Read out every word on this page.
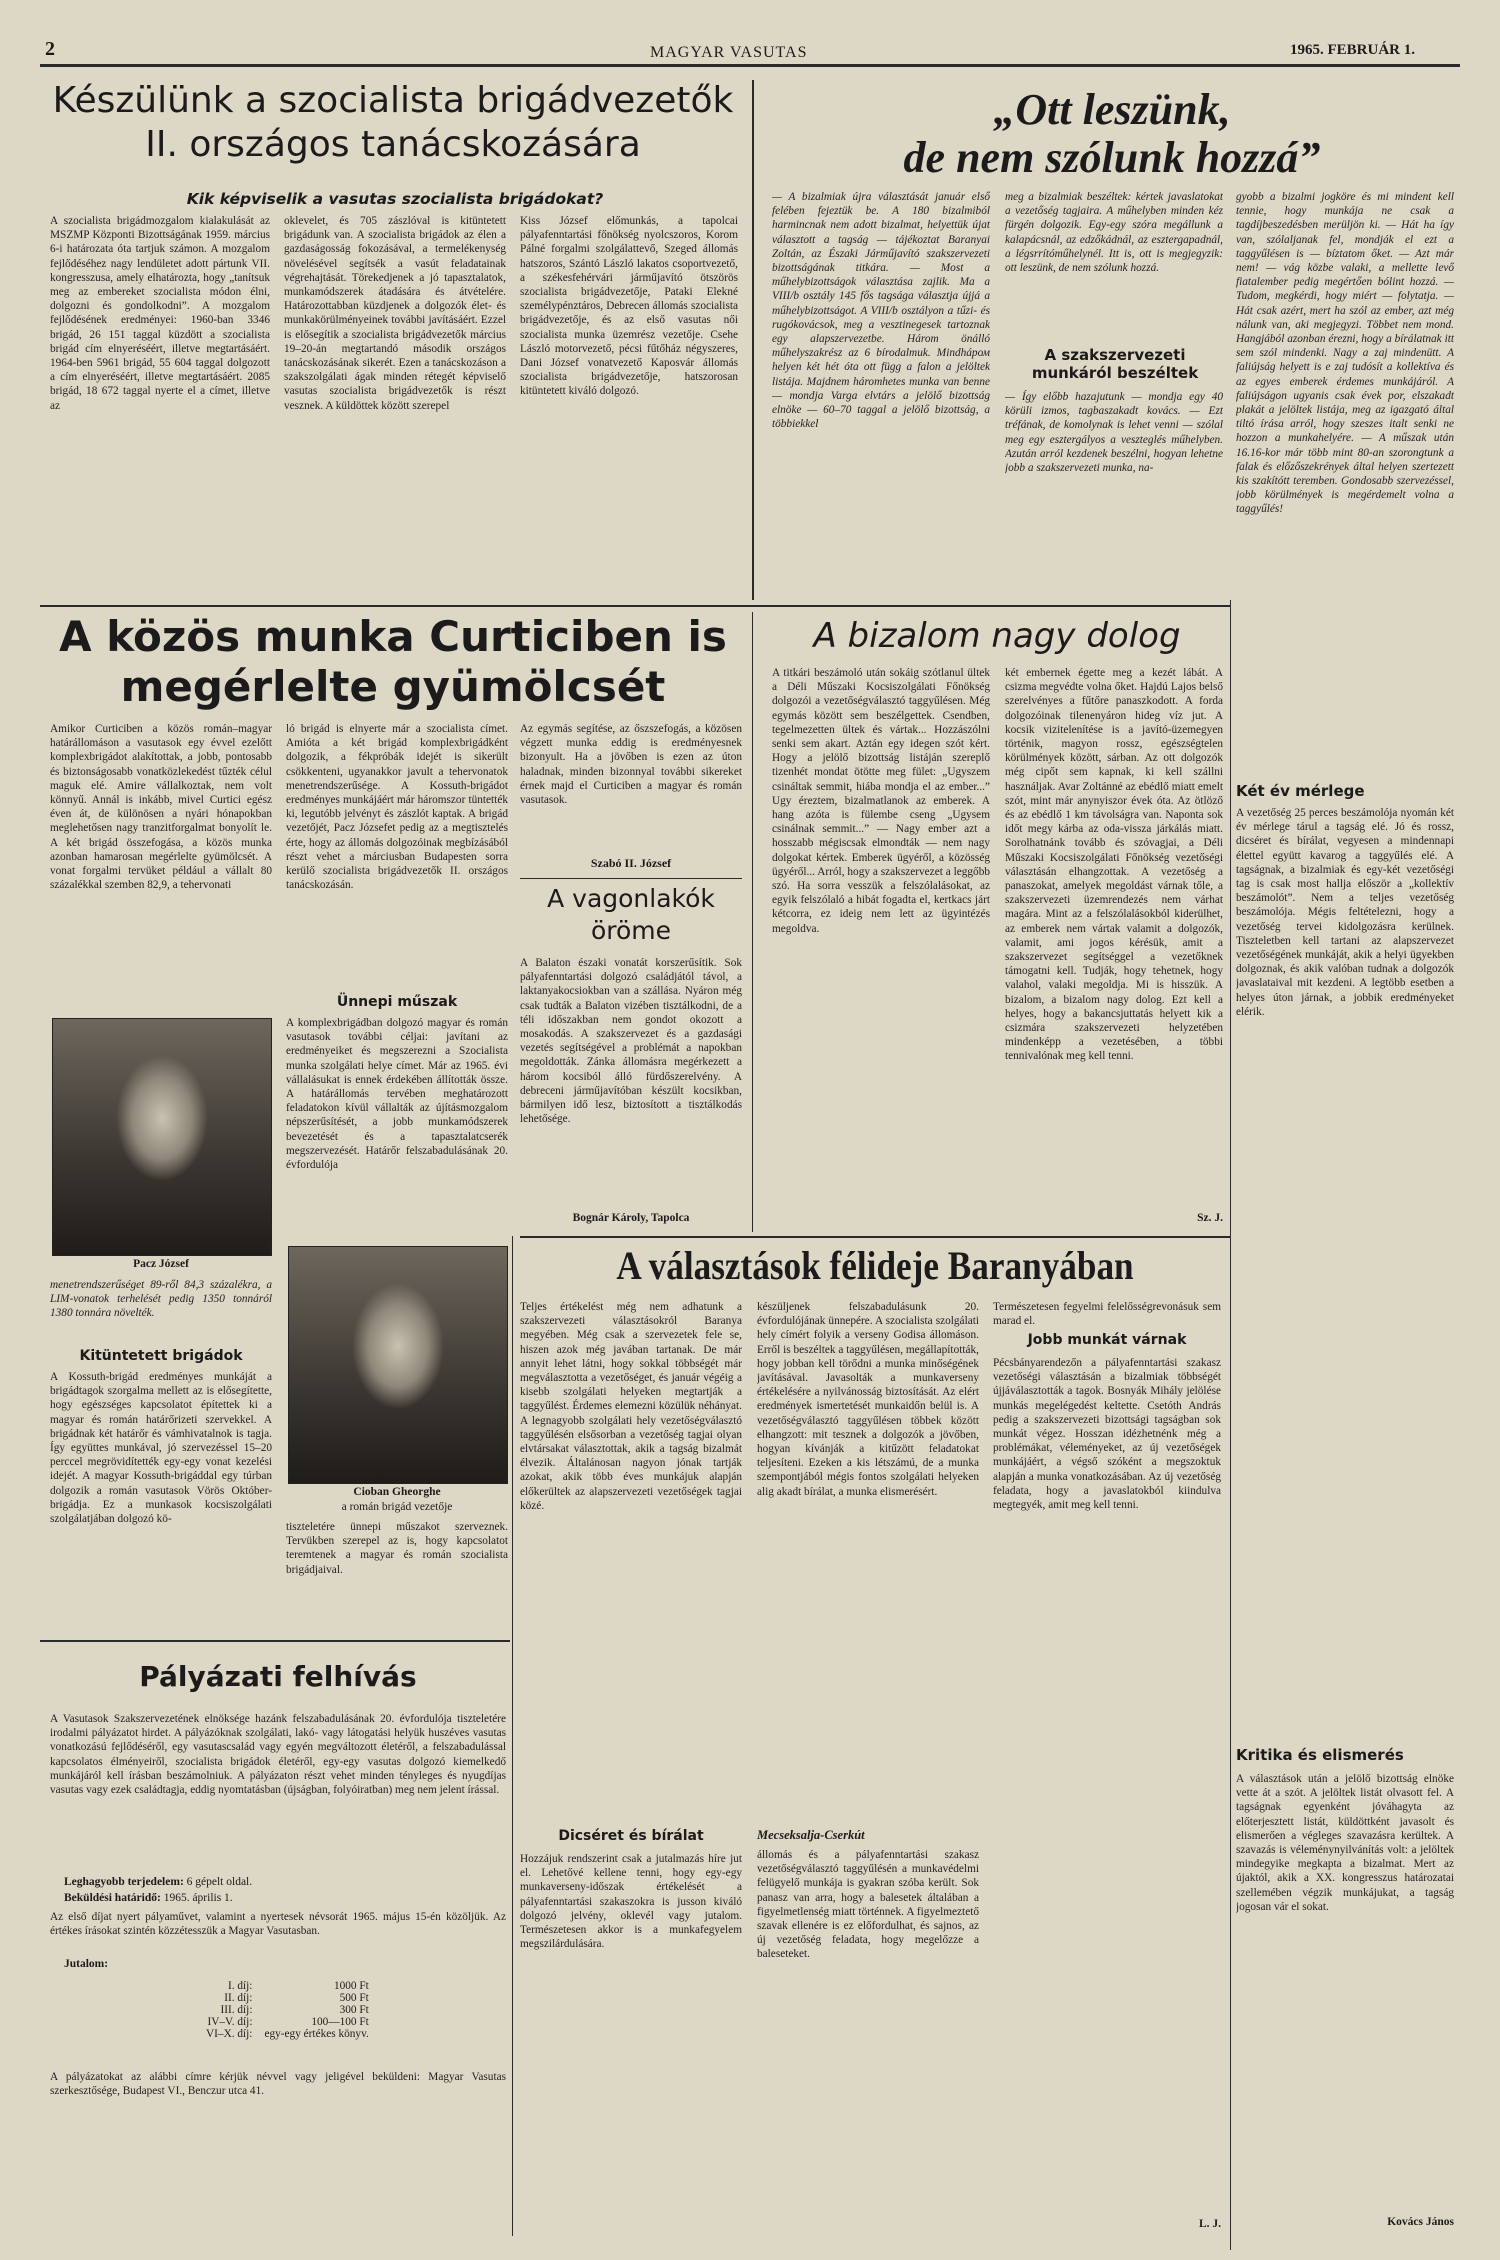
2	MAGYAR VASUTAS	1965. FEBRUÁR 1.
Készülünk a szocialista brigádvezetők
II. országos tanácskozására
Kik képviselik a vasutas szocialista brigádokat?
A szocialista brigádmozgalom kialakulását az MSZMP Központi Bizottságának 1959. március 6-i határozata óta tartjuk számon. A mozgalom fejlődéséhez nagy lendületet adott pártunk VII. kongresszusa, amely elhatározta, hogy „tanítsuk meg az embereket szocialista módon élni, dolgozni és gondolkodni”. A mozgalom fejlődésének eredményei: 1960-ban 3346 brigád, 26 151 taggal küzdött a szocialista brigád cím elnyeréséért, illetve megtartásáért. 1964-ben 5961 brigád, 55 604 taggal dolgozott a cím elnyeréséért, illetve megtartásáért. 2085 brigád, 18 672 taggal nyerte el a címet, illetve az
oklevelet, és 705 zászlóval is kitüntetett brigádunk van. A szocialista brigádok az élen a gazdaságosság fokozásával, a termelékenység növelésével segítsék a vasút feladatainak végrehajtását. Törekedjenek a jó tapasztalatok, munkamódszerek átadására és átvételére. Határozottabban küzdjenek a dolgozók élet- és munkakörülményeinek további javításáért. Ezzel is elősegítik a szocialista brigádvezetők március 19–20-án megtartandó második országos tanácskozásának sikerét. Ezen a tanácskozáson a szakszolgálati ágak minden rétegét képviselő vasutas szocialista brigádvezetők is részt vesznek. A küldöttek között szerepel
Kiss József előmunkás, a tapolcai pályafenntartási főnökség nyolcszoros, Korom Pálné forgalmi szolgálattevő, Szeged állomás hatszoros, Szántó László lakatos csoportvezető, a székesfehérvári járműjavító ötszörös szocialista brigádvezetője, Pataki Elekné személypénztáros, Debrecen állomás szocialista brigádvezetője, és az első vasutas női szocialista munka üzemrész vezetője. Csehe László motorvezető, pécsi fűtőház négyszeres, Dani József vonatvezető Kaposvár állomás szocialista brigádvezetője, hatszorosan kitüntetett kiváló dolgozó.
„Ott leszünk,
de nem szólunk hozzá”
— A bizalmiak újra választását január első felében fejeztük be. A 180 bizalmiból harmincnak nem adott bizalmat, helyettük újat választott a tagság — tájékoztat Baranyai Zoltán, az Északi Járműjavító szakszervezeti bizottságának titkára. — Most a műhelybizottságok választása zajlik. Ma a VIII/b osztály 145 fős tagsága választja újjá a műhelybizottságot. A VIII/b osztályon a tűzi- és rugókovácsok, meg a vesztinegesek tartoznak egy alapszervezetbe. Három önálló műhelyszakrész az 6 bírodalmuk. Mindháром helyen két hét óta ott függ a falon a jelöltek listája. Majdnem háromhetes munka van benne — mondja Varga elvtárs a jelölő bizottság elnöke — 60–70 taggal a jelölő bizottság, a többiekkel
meg a bizalmiak beszéltek: kértek javaslatokat a vezetőség tagjaira. A műhelyben minden kéz fürgén dolgozik. Egy-egy szóra megállunk a kalapácsnál, az edzőkádnál, az esztergapadnál, a légsrrítóműhelynél. Itt is, ott is megjegyzik: ott leszünk, de nem szólunk hozzá.
A szakszervezeti munkáról beszéltek
— Így előbb hazajutunk — mondja egy 40 körüli izmos, tagbaszakadt kovács. — Ezt tréfának, de komolynak is lehet venni — szólal meg egy esztergályos a veszteglés műhelyben. Azután arról kezdenek beszélni, hogyan lehetne jobb a szakszervezeti munka, na-
gyobb a bizalmi jogköre és mi mindent kell tennie, hogy munkája ne csak a tagdíjbeszedésben merüljön ki. — Hát ha így van, szólaljanak fel, mondják el ezt a taggyűlésen is — bíztatom őket. — Azt már nem! — vág közbe valaki, a mellette levő fiatalember pedig megértően bólint hozzá. — Tudom, megkérdi, hogy miért — folytatja. — Hát csak azért, mert ha szól az ember, azt még nálunk van, aki megjegyzi. Többet nem mond. Hangjából azonban érezni, hogy a bírálatnak itt sem szól mindenki. Nagy a zaj mindenütt. A faliújság helyett is e zaj tudósít a kollektíva és az egyes emberek érdemes munkájáról. A faliújságon ugyanis csak évek por, elszakadt plakát a jelöltek listája, meg az igazgató által tiltó írása arról, hogy szeszes italt senki ne hozzon a munkahelyére. — A műszak után 16.16-kor már több mint 80-an szorongtunk a falak és előzőszekrények által helyen szertezett kis szakítótt teremben. Gondosabb szervezéssel, jobb körülmények is megérdemelt volna a taggyűlés!
A közös munka Curticiben is
megérlelte gyümölcsét
Amikor Curticiben a közös román–magyar határállomáson a vasutasok egy évvel ezelőtt komplexbrigádot alakítottak, a jobb, pontosabb és biztonságosabb vonatközlekedést tűzték célul maguk elé. Amire vállalkoztak, nem volt könnyű. Annál is inkább, mivel Curtici egész éven át, de különösen a nyári hónapokban meglehetősen nagy tranzitforgalmat bonyolít le. A két brigád összefogása, a közös munka azonban hamarosan megérlelte gyümölcsét. A vonat forgalmi tervüket például a vállalt 80 százalékkal szemben 82,9, a tehervonati
Pacz József
menetrendszerűséget 89-ről 84,3 százalékra, a LIM-vonatok terhelését pedig 1350 tonnáról 1380 tonnára növelték.
Kitüntetett brigádok
A Kossuth-brigád eredményes munkáját a brigádtagok szorgalma mellett az is elősegítette, hogy egészséges kapcsolatot építettek ki a magyar és román határőrizeti szervekkel. A brigádnak két határőr és vámhivatalnok is tagja. Így együttes munkával, jó szervezéssel 15–20 perccel megrövidítették egy-egy vonat kezelési idejét. A magyar Kossuth-brigáddal egy túrban dolgozik a román vasutasok Vörös Október-brigádja. Ez a munkasok kocsiszolgálati szolgálatjában dolgozó kö-
ló brigád is elnyerte már a szocialista címet. Amióta a két brigád komplexbrigádként dolgozik, a fékpróbák idejét is sikerült csökkenteni, ugyanakkor javult a tehervonatok menetrendszerűsége. A Kossuth-brigádot eredményes munkájáért már háromszor tüntették ki, legutóbb jelvényt és zászlót kaptak. A brigád vezetőjét, Pacz Józsefet pedig az a megtisztelés érte, hogy az állomás dolgozóinak megbízásából részt vehet a márciusban Budapesten sorra kerülő szocialista brigádvezetők II. országos tanácskozásán.
Ünnepi műszak
A komplexbrigádban dolgozó magyar és román vasutasok további céljai: javítani az eredményeiket és megszerezni a Szocialista munka szolgálati helye címet. Már az 1965. évi vállalásukat is ennek érdekében állították össze. A határállomás tervében meghatározott feladatokon kívül vállalták az újításmozgalom népszerűsítését, a jobb munkamódszerek bevezetését és a tapasztalatcserék megszervezését. Határőr felszabadulásának 20. évfordulója
Cioban Gheorghe
a román brigád vezetője
tiszteletére ünnepi műszakot szerveznek. Tervükben szerepel az is, hogy kapcsolatot teremtenek a magyar és román szocialista brigádjaival.
Az egymás segítése, az őszszefogás, a közösen végzett munka eddig is eredményesnek bizonyult. Ha a jövőben is ezen az úton haladnak, minden bizonnyal további sikereket érnek majd el Curticiben a magyar és román vasutasok.
Szabó II. József
A vagonlakók
öröme
A Balaton északi vonatát korszerűsítik. Sok pályafenntartási dolgozó családjától távol, a laktanyakocsiokban van a szállása. Nyáron még csak tudták a Balaton vizében tisztálkodni, de a téli időszakban nem gondot okozott a mosakodás. A szakszervezet és a gazdasági vezetés segítségével a problémát a napokban megoldották. Zánka állomásra megérkezett a három kocsiból álló fürdőszerelvény. A debreceni járműjavítóban készült kocsikban, bármilyen idő lesz, biztosított a tisztálkodás lehetősége.
Bognár Károly, Tapolca
A bizalom nagy dolog
A titkári beszámoló után sokáig szótlanul ültek a Déli Műszaki Kocsiszolgálati Főnökség dolgozói a vezetőségválasztó taggyűlésen. Még egymás között sem beszélgettek. Csendben, tegelmezetten ültek és vártak... Hozzászólni senki sem akart. Aztán egy idegen szót kért. Hogy a jelölő bizottság listáján szereplő tizenhét mondat ötötte meg fület: „Ugyszem csináltak semmit, hiába mondja el az ember...” Ugy éreztem, bizalmatlanok az emberek. A hang azóta is fülembe cseng „Ugysem csinálnak semmit...” — Nagy ember azt a hosszabb mégiscsak elmondták — nem nagy dolgokat kértek. Emberek ügyéről, a közösség ügyéről... Arról, hogy a szakszervezet a leggőbb szó. Ha sorra vesszük a felszólalásokat, az egyik felszólaló a hibát fogadta el, kertkacs járt kétcorra, ez ideig nem lett az ügyintézés megoldva.
két embernek égette meg a kezét lábát. A csizma megvédte volna őket. Hajdú Lajos belső szerelvényes a fűtőre panaszkodott. A forda dolgozóinak tilenenyáron hideg víz jut. A kocsik vizitelenítése is a javító-üzemegyen történik, magyon rossz, egészségtelen körülmények között, sárban. Az ott dolgozók még cipőt sem kapnak, ki kell szállni használjak. Avar Zoltánné az ebédlő miatt emelt szót, mint már anynyiszor évek óta. Az ötlöző és az ebédlő 1 km távolságra van. Naponta sok időt megy kárba az oda-vissza járkálás miatt. Sorolhatnánk tovább és szóvagjai, a Déli Műszaki Kocsiszolgálati Főnökség vezetőségi választásán elhangzottak. A vezetőség a panaszokat, amelyek megoldást várnak tőle, a szakszervezeti üzemrendezés nem várhat magára. Mint az a felszólalásokból kiderülhet, az emberek nem vártak valamit a dolgozók, valamit, ami jogos kérésük, amit a szakszervezet segítséggel a vezetőknek támogatni kell. Tudják, hogy tehetnek, hogy valahol, valaki megoldja. Mi is hisszük. A bizalom, a bizalom nagy dolog. Ezt kell a helyes, hogy a bakancsjuttatás helyett kik a csizmára szakszervezeti helyzetében mindenképp a vezetésében, a többi tennivalónak meg kell tenni.
Sz. J.
Két év mérlege
A vezetőség 25 perces beszámolója nyomán két év mérlege tárul a tagság elé. Jó és rossz, dicséret és bírálat, vegyesen a mindennapi élettel együtt kavarog a taggyűlés elé. A tagságnak, a bizalmiak és egy-két vezetőségi tag is csak most hallja először a „kollektív beszámolót”. Nem a teljes vezetőség beszámolója. Mégis feltételezni, hogy a vezetőség tervei kidolgozásra kerülnek. Tiszteletben kell tartani az alapszervezet vezetőségének munkáját, akik a helyi ügyekben dolgoznak, és akik valóban tudnak a dolgozók javaslataival mit kezdeni. A legtöbb esetben a helyes úton járnak, a jobbik eredményeket elérik.
Kritika és elismerés
A választások után a jelölő bizottság elnöke vette át a szót. A jelöltek listát olvasott fel. A tagságnak egyenként jóváhagyta az előterjesztett listát, küldöttként javasolt és elismerően a végleges szavazásra kerültek. A szavazás is véleménynyilvánítás volt: a jelöltek mindegyike megkapta a bizalmat. Mert az újaktól, akik a XX. kongresszus határozatai szellemében végzik munkájukat, a tagság jogosan vár el sokat.
Kovács János
A választások félideje Baranyában
Teljes értékelést még nem adhatunk a szakszervezeti választásokról Baranya megyében. Még csak a szervezetek fele se, hiszen azok még javában tartanak. De már annyit lehet látni, hogy sokkal többségét már megválasztotta a vezetőséget, és január végéig a kisebb szolgálati helyeken megtartják a taggyűlést. Érdemes elemezni közülük néhányat. A legnagyobb szolgálati hely vezetőségválasztó taggyűlésén elsősorban a vezetőség tagjai olyan elvtársakat választottak, akik a tagság bizalmát élvezik. Általánosan nagyon jónak tartják azokat, akik több éves munkájuk alapján előkerültek az alapszervezeti vezetőségek tagjai közé.
Dicséret és bírálat
Hozzájuk rendszerint csak a jutalmazás híre jut el. Lehetővé kellene tenni, hogy egy-egy munkaverseny-időszak értékelését a pályafenntartási szakaszokra is jusson kiváló dolgozó jelvény, oklevél vagy jutalom. Természetesen akkor is a munkafegyelem megszilárdulására.
készüljenek felszabadulásunk 20. évfordulójának ünnepére. A szocialista szolgálati hely címért folyik a verseny Godisa állomáson. Erről is beszéltek a taggyűlésen, megállapították, hogy jobban kell törődni a munka minőségének javításával. Javasolták a munkaverseny értékelésére a nyilvánosság biztosítását. Az elért eredmények ismertetését munkaidőn belül is. A vezetőségválasztó taggyűlésen többek között elhangzott: mit tesznek a dolgozók a jövőben, hogyan kívánják a kitűzött feladatokat teljesíteni. Ezeken a kis létszámú, de a munka szempontjából mégis fontos szolgálati helyeken alig akadt bírálat, a munka elismerésért.
Mecseksalja-Cserkút
állomás és a pályafenntartási szakasz vezetőségválasztó taggyűlésén a munkavédelmi felügyelő munkája is gyakran szóba került. Sok panasz van arra, hogy a balesetek általában a figyelmetlenség miatt történnek. A figyelmeztető szavak ellenére is ez előfordulhat, és sajnos, az új vezetőség feladata, hogy megelőzze a baleseteket.
Természetesen fegyelmi felelősségrevonásuk sem marad el.
Jobb munkát várnak
Pécsbányarendezőn a pályafenntartási szakasz vezetőségi választásán a bizalmiak többségét újjáválasztották a tagok. Bosnyák Mihály jelölése munkás megelégedést keltette. Csetóth András pedig a szakszervezeti bizottsági tagságban sok munkát végez. Hosszan idézhetnénk még a problémákat, véleményeket, az új vezetőségek munkájáért, a végső szóként a megszoktuk alapján a munka vonatkozásában. Az új vezetőség feladata, hogy a javaslatokból kiindulva megtegyék, amit meg kell tenni.
L. J.
Pályázati felhívás
A Vasutasok Szakszervezetének elnöksége hazánk felszabadulásának 20. évfordulója tiszteletére irodalmi pályázatot hirdet. A pályázóknak szolgálati, lakó- vagy látogatási helyük huszéves vasutas vonatkozású fejlődéséről, egy vasutascsalád vagy egyén megváltozott életéről, a felszabadulással kapcsolatos élményeiről, szocialista brigádok életéről, egy-egy vasutas dolgozó kiemelkedő munkájáról kell írásban beszámolniuk. A pályázaton részt vehet minden tényleges és nyugdíjas vasutas vagy ezek családtagja, eddig nyomtatásban (újságban, folyóiratban) meg nem jelent írással.
Leghagyobb terjedelem: 6 gépelt oldal.
Beküldési határidő: 1965. április 1.
Az első díjat nyert pályaművet, valamint a nyertesek névsorát 1965. május 15-én közöljük. Az értékes írásokat szintén közzétesszük a Magyar Vasutasban.
Jutalom:
I. díj:	1000 Ft
II. díj:	500 Ft
III. díj:	300 Ft
IV–V. díj:	100—100 Ft
VI–X. díj:	egy-egy értékes könyv.
A pályázatokat az alábbi címre kérjük névvel vagy jeligével beküldeni: Magyar Vasutas szerkesztősége, Budapest VI., Benczur utca 41.
